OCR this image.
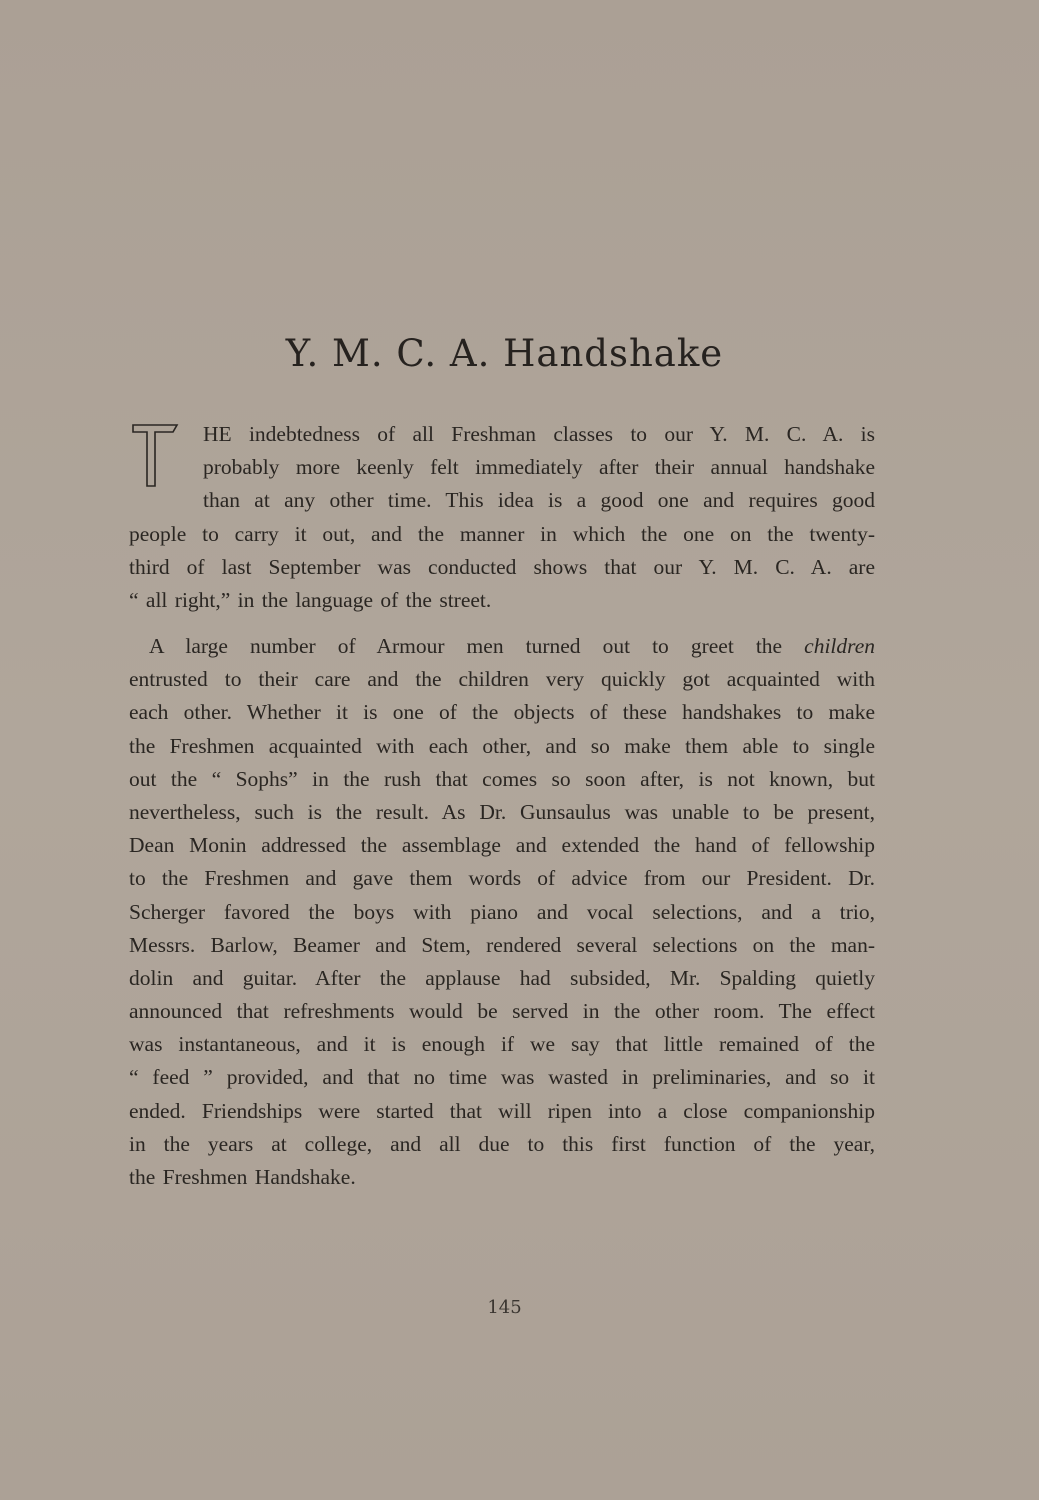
Y. M. C. A. Handshake
HE indebtedness of all Freshman classes to our Y. M. C. A. is
probably more keenly felt immediately after their annual handshake
than at any other time. This idea is a good one and requires good
people to carry it out, and the manner in which the one on the twenty-
third of last September was conducted shows that our Y. M. C. A. are
“ all right,” in the language of the street.
A large number of Armour men turned out to greet the children
entrusted to their care and the children very quickly got acquainted with
each other. Whether it is one of the objects of these handshakes to make
the Freshmen acquainted with each other, and so make them able to single
out the “ Sophs” in the rush that comes so soon after, is not known, but
nevertheless, such is the result. As Dr. Gunsaulus was unable to be present,
Dean Monin addressed the assemblage and extended the hand of fellowship
to the Freshmen and gave them words of advice from our President. Dr.
Scherger favored the boys with piano and vocal selections, and a trio,
Messrs. Barlow, Beamer and Stem, rendered several selections on the man-
dolin and guitar. After the applause had subsided, Mr. Spalding quietly
announced that refreshments would be served in the other room. The effect
was instantaneous, and it is enough if we say that little remained of the
“ feed ” provided, and that no time was wasted in preliminaries, and so it
ended. Friendships were started that will ripen into a close companionship
in the years at college, and all due to this first function of the year,
the Freshmen Handshake.
145
